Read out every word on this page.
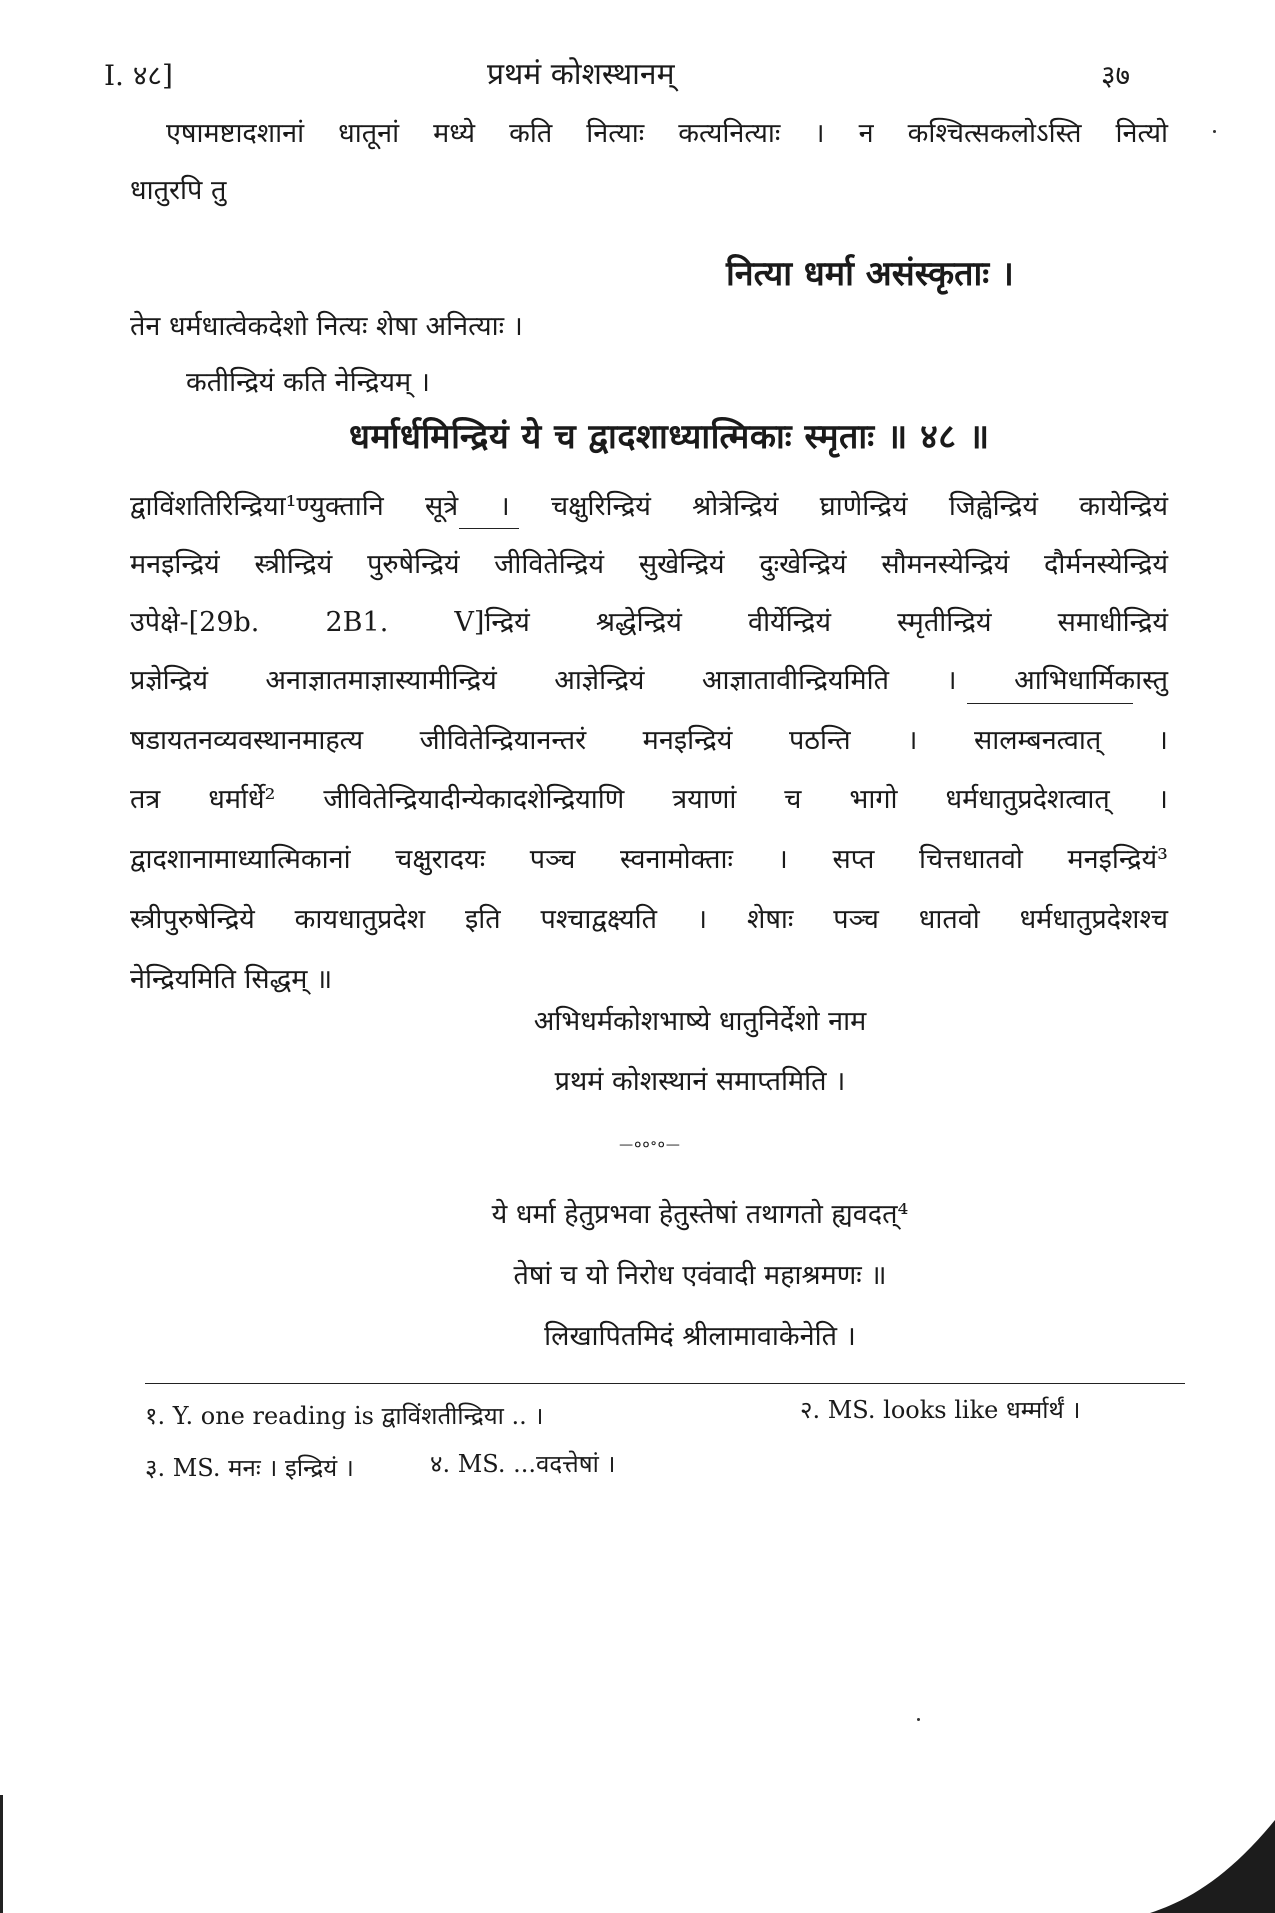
I. ४८]	प्रथमं कोशस्थानम्	३७
एषामष्टादशानां धातूनां मध्ये कति नित्याः कत्यनित्याः । न कश्चित्सकलोऽस्ति नित्यो
धातुरपि तु
नित्या धर्मा असंस्कृताः ।
तेन धर्मधात्वेकदेशो नित्यः शेषा अनित्याः ।
कतीन्द्रियं कति नेन्द्रियम् ।
धर्मार्धमिन्द्रियं ये च द्वादशाध्यात्मिकाः स्मृताः ॥ ४८ ॥
द्वाविंशतिरिन्द्रिया¹ण्युक्तानि सूत्रे । चक्षुरिन्द्रियं श्रोत्रेन्द्रियं घ्राणेन्द्रियं जिह्वेन्द्रियं कायेन्द्रियं
मनइन्द्रियं स्त्रीन्द्रियं पुरुषेन्द्रियं जीवितेन्द्रियं सुखेन्द्रियं दुःखेन्द्रियं सौमनस्येन्द्रियं दौर्मनस्येन्द्रियं
उपेक्षे-[29b. 2B1. V]न्द्रियं श्रद्धेन्द्रियं वीर्येन्द्रियं स्मृतीन्द्रियं समाधीन्द्रियं
प्रज्ञेन्द्रियं अनाज्ञातमाज्ञास्यामीन्द्रियं आज्ञेन्द्रियं आज्ञातावीन्द्रियमिति । आभिधार्मिकास्तु
षडायतनव्यवस्थानमाहत्य जीवितेन्द्रियानन्तरं मनइन्द्रियं पठन्ति । सालम्बनत्वात् ।
तत्र धर्मार्धे² जीवितेन्द्रियादीन्येकादशेन्द्रियाणि त्रयाणां च भागो धर्मधातुप्रदेशत्वात् ।
द्वादशानामाध्यात्मिकानां चक्षुरादयः पञ्च स्वनामोक्ताः । सप्त चित्तधातवो मनइन्द्रियं³
स्त्रीपुरुषेन्द्रिये कायधातुप्रदेश इति पश्चाद्वक्ष्यति । शेषाः पञ्च धातवो धर्मधातुप्रदेशश्च
नेन्द्रियमिति सिद्धम् ॥
अभिधर्मकोशभाष्ये धातुनिर्देशो नाम
प्रथमं कोशस्थानं समाप्तमिति ।
—००॰०—
ये धर्मा हेतुप्रभवा हेतुस्तेषां तथागतो ह्यवदत्⁴
तेषां च यो निरोध एवंवादी महाश्रमणः ॥
लिखापितमिदं श्रीलामावाकेनेति ।
१. Y. one reading is द्वाविंशतीन्द्रिया .. ।	२. MS. looks like धर्म्मार्थं ।
३. MS. मनः । इन्द्रियं ।	४. MS. ...वदत्तेषां ।
